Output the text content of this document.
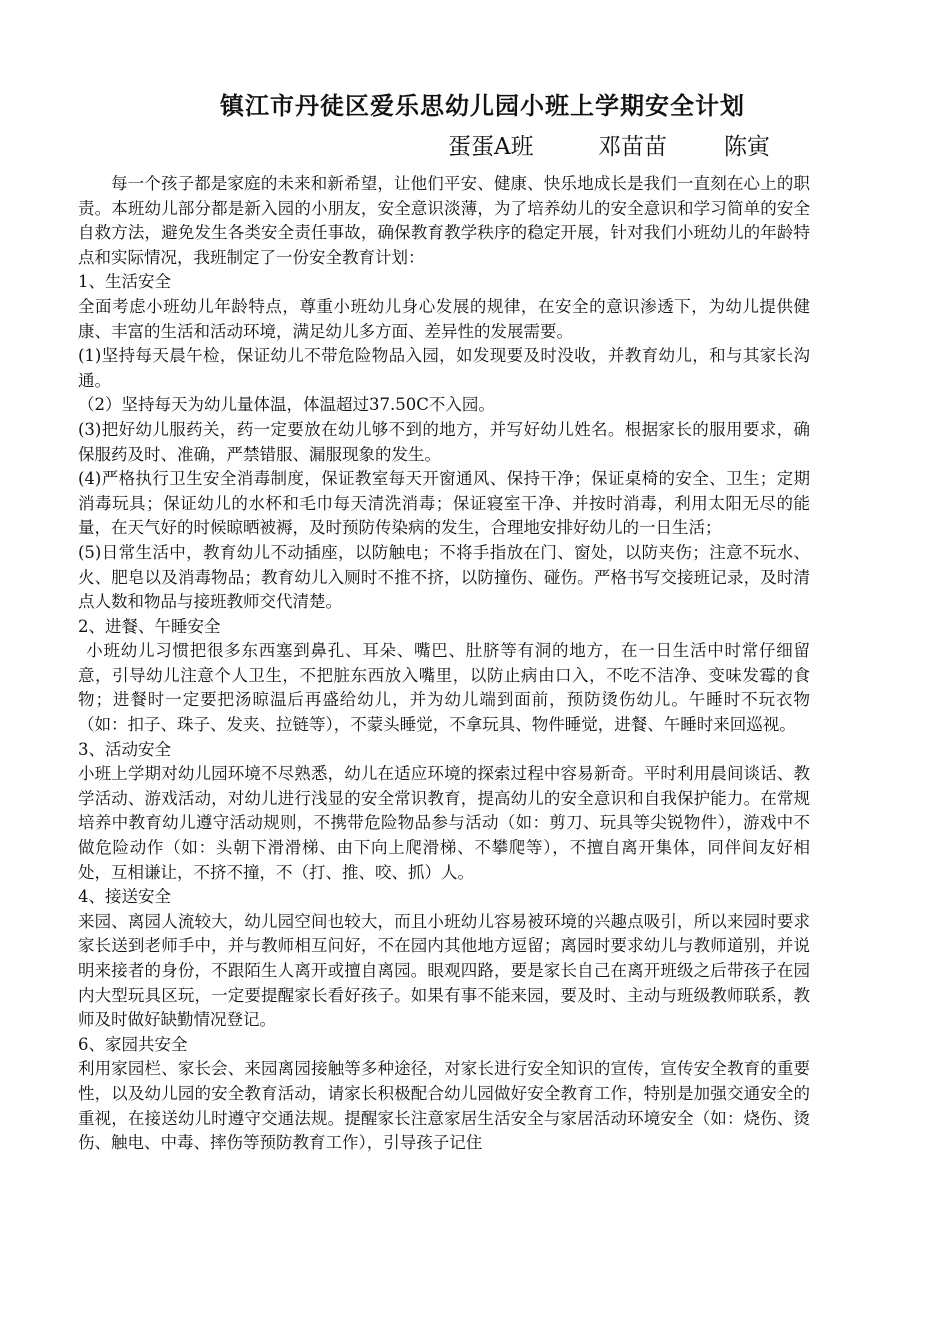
镇江市丹徒区爱乐思幼儿园小班上学期安全计划
蛋蛋A班	邓苗苗 陈寅

每一个孩子都是家庭的未来和新希望，让他们平安、健康、快乐地成长是我们一直刻在心上的职责。本班幼儿部分都是新入园的小朋友，安全意识淡薄，为了培养幼儿的安全意识和学习简单的安全自救方法，避免发生各类安全责任事故，确保教育教学秩序的稳定开展，针对我们小班幼儿的年龄特点和实际情况，我班制定了一份安全教育计划：

1、生活安全

全面考虑小班幼儿年龄特点，尊重小班幼儿身心发展的规律，在安全的意识渗透下，为幼儿提供健康、丰富的生活和活动环境，满足幼儿多方面、差异性的发展需要。

(1)坚持每天晨午检，保证幼儿不带危险物品入园，如发现要及时没收，并教育幼儿，和与其家长沟通。

（2）坚持每天为幼儿量体温，体温超过37.50C不入园。

(3)把好幼儿服药关，药一定要放在幼儿够不到的地方，并写好幼儿姓名。根据家长的服用要求，确保服药及时、准确，严禁错服、漏服现象的发生。

(4)严格执行卫生安全消毒制度，保证教室每天开窗通风、保持干净；保证桌椅的安全、卫生；定期消毒玩具；保证幼儿的水杯和毛巾每天清洗消毒；保证寝室干净、并按时消毒，利用太阳无尽的能量，在天气好的时候晾晒被褥，及时预防传染病的发生，合理地安排好幼儿的一日生活；

(5)日常生活中，教育幼儿不动插座，以防触电；不将手指放在门、窗处，以防夹伤；注意不玩水、火、肥皂以及消毒物品；教育幼儿入厕时不推不挤，以防撞伤、碰伤。严格书写交接班记录，及时清点人数和物品与接班教师交代清楚。

2、进餐、午睡安全

小班幼儿习惯把很多东西塞到鼻孔、耳朵、嘴巴、肚脐等有洞的地方，在一日生活中时常仔细留意，引导幼儿注意个人卫生，不把脏东西放入嘴里，以防止病由口入，不吃不洁净、变味发霉的食物；进餐时一定要把汤晾温后再盛给幼儿，并为幼儿端到面前，预防烫伤幼儿。午睡时不玩衣物（如：扣子、珠子、发夹、拉链等），不蒙头睡觉，不拿玩具、物件睡觉，进餐、午睡时来回巡视。

3、活动安全

小班上学期对幼儿园环境不尽熟悉，幼儿在适应环境的探索过程中容易新奇。平时利用晨间谈话、教学活动、游戏活动，对幼儿进行浅显的安全常识教育，提高幼儿的安全意识和自我保护能力。在常规培养中教育幼儿遵守活动规则，不携带危险物品参与活动（如：剪刀、玩具等尖锐物件），游戏中不做危险动作（如：头朝下滑滑梯、由下向上爬滑梯、不攀爬等），不擅自离开集体，同伴间友好相处，互相谦让，不挤不撞，不（打、推、咬、抓）人。

4、接送安全

来园、离园人流较大，幼儿园空间也较大，而且小班幼儿容易被环境的兴趣点吸引，所以来园时要求家长送到老师手中，并与教师相互问好，不在园内其他地方逗留；离园时要求幼儿与教师道别，并说明来接者的身份，不跟陌生人离开或擅自离园。眼观四路，要是家长自己在离开班级之后带孩子在园内大型玩具区玩，一定要提醒家长看好孩子。如果有事不能来园，要及时、主动与班级教师联系，教师及时做好缺勤情况登记。

6、家园共安全

利用家园栏、家长会、来园离园接触等多种途径，对家长进行安全知识的宣传，宣传安全教育的重要性，以及幼儿园的安全教育活动，请家长积极配合幼儿园做好安全教育工作，特别是加强交通安全的重视，在接送幼儿时遵守交通法规。提醒家长注意家居生活安全与家居活动环境安全（如：烧伤、烫伤、触电、中毒、摔伤等预防教育工作），引导孩子记住
